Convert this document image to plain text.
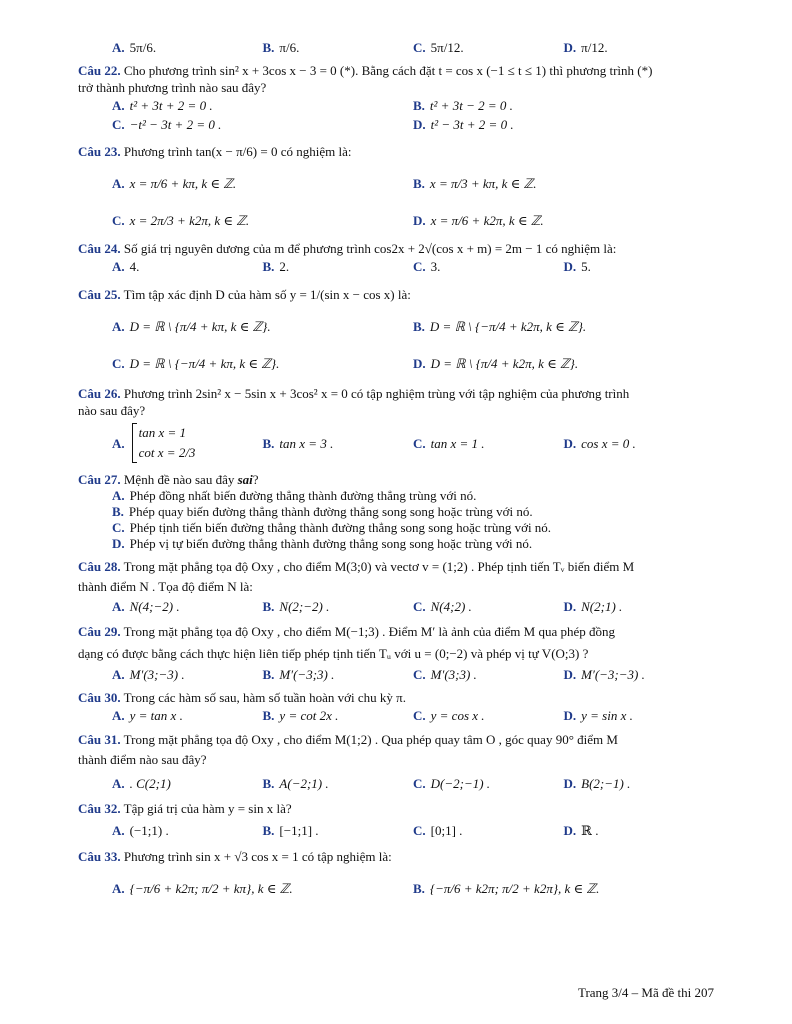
A. 5π/6.	B. π/6.	C. 5π/12.	D. π/12.
Câu 22. Cho phương trình sin² x + 3cos x − 3 = 0 (*). Bằng cách đặt t = cos x (−1 ≤ t ≤ 1) thì phương trình (*)
trở thành phương trình nào sau đây?
A. t² + 3t + 2 = 0 .	B. t² + 3t − 2 = 0 .
C. −t² − 3t + 2 = 0 .	D. t² − 3t + 2 = 0 .
Câu 23. Phương trình tan(x − π/6) = 0 có nghiệm là:
A. x = π/6 + kπ, k ∈ ℤ.	B. x = π/3 + kπ, k ∈ ℤ.
C. x = 2π/3 + k2π, k ∈ ℤ.	D. x = π/6 + k2π, k ∈ ℤ.
Câu 24. Số giá trị nguyên dương của m để phương trình cos2x + 2√(cos x + m) = 2m − 1 có nghiệm là:
A. 4.	B. 2.	C. 3.	D. 5.
Câu 25. Tìm tập xác định D của hàm số y = 1/(sin x − cos x) là:
A. D = ℝ \ {π/4 + kπ, k ∈ ℤ}.	B. D = ℝ \ {−π/4 + k2π, k ∈ ℤ}.
C. D = ℝ \ {−π/4 + kπ, k ∈ ℤ}.	D. D = ℝ \ {π/4 + k2π, k ∈ ℤ}.
Câu 26. Phương trình 2sin² x − 5sin x + 3cos² x = 0 có tập nghiệm trùng với tập nghiệm của phương trình
nào sau đây?
A.
tan x = 1
cot x = 2/3
B. tan x = 3 .	C. tan x = 1 .	D. cos x = 0 .
Câu 27. Mệnh đề nào sau đây sai?
A. Phép đồng nhất biến đường thẳng thành đường thẳng trùng với nó.
B. Phép quay biến đường thẳng thành đường thẳng song song hoặc trùng với nó.
C. Phép tịnh tiến biến đường thẳng thành đường thẳng song song hoặc trùng với nó.
D. Phép vị tự biến đường thẳng thành đường thẳng song song hoặc trùng với nó.
Câu 28. Trong mặt phẳng tọa độ Oxy , cho điểm M(3;0) và vectơ v = (1;2) . Phép tịnh tiến Tᵥ biến điểm M
thành điểm N . Tọa độ điểm N là:
A. N(4;−2) .	B. N(2;−2) .	C. N(4;2) .	D. N(2;1) .
Câu 29. Trong mặt phẳng tọa độ Oxy , cho điểm M(−1;3) . Điểm M′ là ảnh của điểm M qua phép đồng
dạng có được bằng cách thực hiện liên tiếp phép tịnh tiến Tᵤ với u = (0;−2) và phép vị tự V(O;3) ?
A. M′(3;−3) .	B. M′(−3;3) .	C. M′(3;3) .	D. M′(−3;−3) .
Câu 30. Trong các hàm số sau, hàm số tuần hoàn với chu kỳ π.
A. y = tan x .	B. y = cot 2x .	C. y = cos x .	D. y = sin x .
Câu 31. Trong mặt phẳng tọa độ Oxy , cho điểm M(1;2) . Qua phép quay tâm O , góc quay 90° điểm M
thành điểm nào sau đây?
A. . C(2;1)	B. A(−2;1) .	C. D(−2;−1) .	D. B(2;−1) .
Câu 32. Tập giá trị của hàm y = sin x là?
A. (−1;1) .	B. [−1;1] .	C. [0;1] .	D. ℝ .
Câu 33. Phương trình sin x + √3 cos x = 1 có tập nghiệm là:
A. {−π/6 + k2π; π/2 + kπ}, k ∈ ℤ.	B. {−π/6 + k2π; π/2 + k2π}, k ∈ ℤ.
Trang 3/4 – Mã đề thi 207
